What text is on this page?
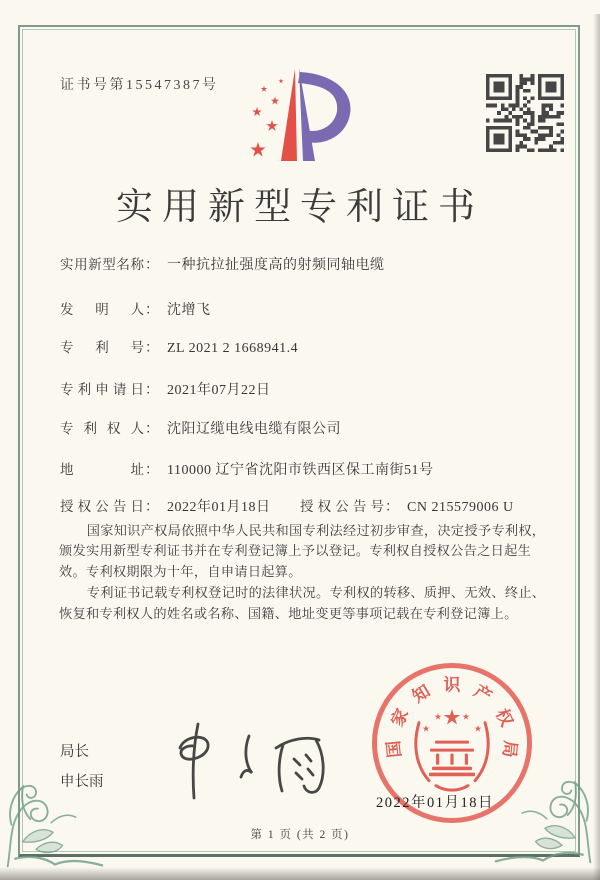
证书号第15547387号
实用新型专利证书
实用新型名称： 一种抗拉扯强度高的射频同轴电缆
发明人： 沈增飞
专利号： ZL 2021 2 1668941.4
专利申请日： 2021年07月22日
专利权人： 沈阳辽缆电线电缆有限公司
地址： 110000 辽宁省沈阳市铁西区保工南街51号
授权公告日： 2022年01月18日 授权公告号： CN 215579006 U

国家知识产权局依照中华人民共和国专利法经过初步审查，决定授予专利权，颁发实用新型专利证书并在专利登记簿上予以登记。专利权自授权公告之日起生效。专利权期限为十年，自申请日起算。

专利证书记载专利权登记时的法律状况。专利权的转移、质押、无效、终止、恢复和专利权人的姓名或名称、国籍、地址变更等事项记载在专利登记簿上。

局长
申长雨
国
家
知 识 产
权
局
2022年01月18日
第 1 页 (共 2 页)
